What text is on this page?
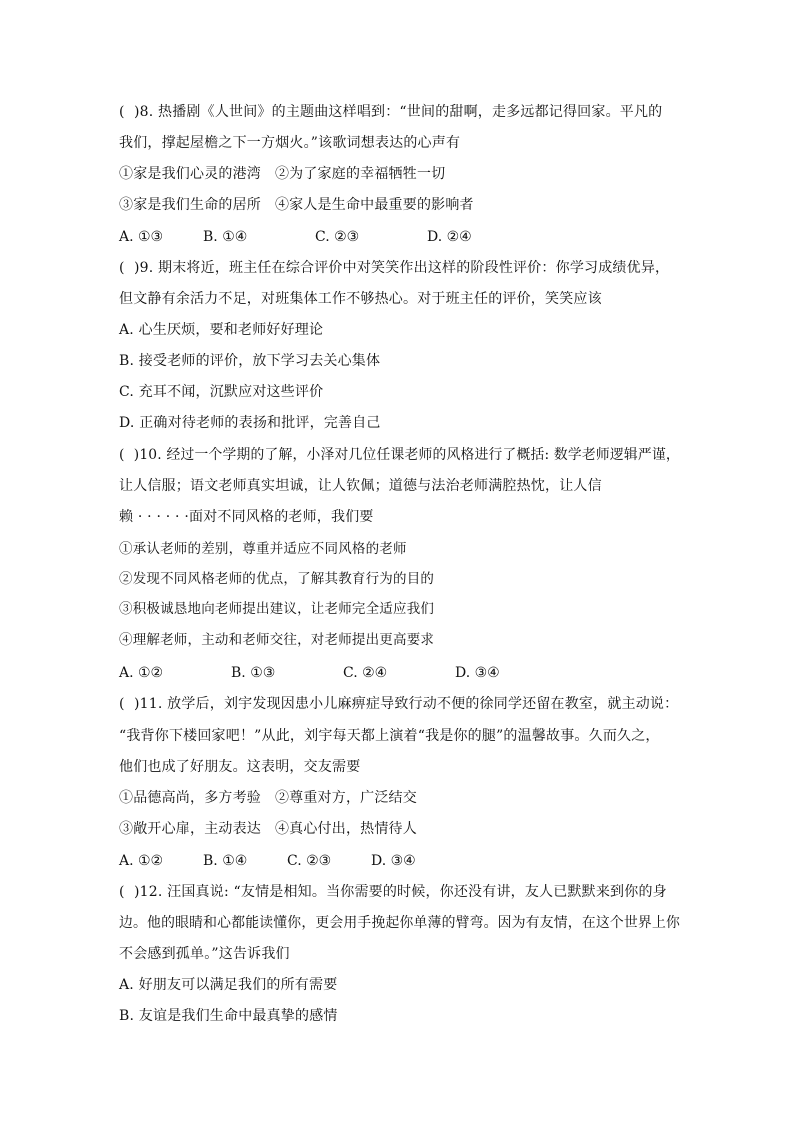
(  )8. 热播剧《人世间》的主题曲这样唱到：“世间的甜啊，走多远都记得回家。平凡的
我们，撑起屋檐之下一方烟火。”该歌词想表达的心声有
①家是我们心灵的港湾   ②为了家庭的幸福牺牲一切
③家是我们生命的居所   ④家人是生命中最重要的影响者
A. ①③	B. ①④	C. ②③	D. ②④
(  )9. 期末将近，班主任在综合评价中对笑笑作出这样的阶段性评价：你学习成绩优异，
但文静有余活力不足，对班集体工作不够热心。对于班主任的评价，笑笑应该
A. 心生厌烦，要和老师好好理论
B. 接受老师的评价，放下学习去关心集体
C. 充耳不闻，沉默应对这些评价
D. 正确对待老师的表扬和批评，完善自己
(  )10. 经过一个学期的了解，小泽对几位任课老师的风格进行了概括: 数学老师逻辑严谨，
让人信服；语文老师真实坦诚，让人钦佩；道德与法治老师满腔热忱，让人信
赖 · · · · · ·面对不同风格的老师，我们要
①承认老师的差别，尊重并适应不同风格的老师
②发现不同风格老师的优点，了解其教育行为的目的
③积极诚恳地向老师提出建议，让老师完全适应我们
④理解老师，主动和老师交往，对老师提出更高要求
A. ①②	B. ①③	C. ②④	D. ③④
(  )11. 放学后，刘宇发现因患小儿麻痹症导致行动不便的徐同学还留在教室，就主动说：
“我背你下楼回家吧！”从此，刘宇每天都上演着“我是你的腿”的温馨故事。久而久之，
他们也成了好朋友。这表明，交友需要
①品德高尚，多方考验   ②尊重对方，广泛结交
③敞开心扉，主动表达   ④真心付出，热情待人
A. ①②	B. ①④	C. ②③	D. ③④
(  )12. 汪国真说: “友情是相知。当你需要的时候，你还没有讲，友人已默默来到你的身
边。他的眼睛和心都能读懂你，更会用手挽起你单薄的臂弯。因为有友情，在这个世界上你
不会感到孤单。”这告诉我们
A. 好朋友可以满足我们的所有需要
B. 友谊是我们生命中最真挚的感情
